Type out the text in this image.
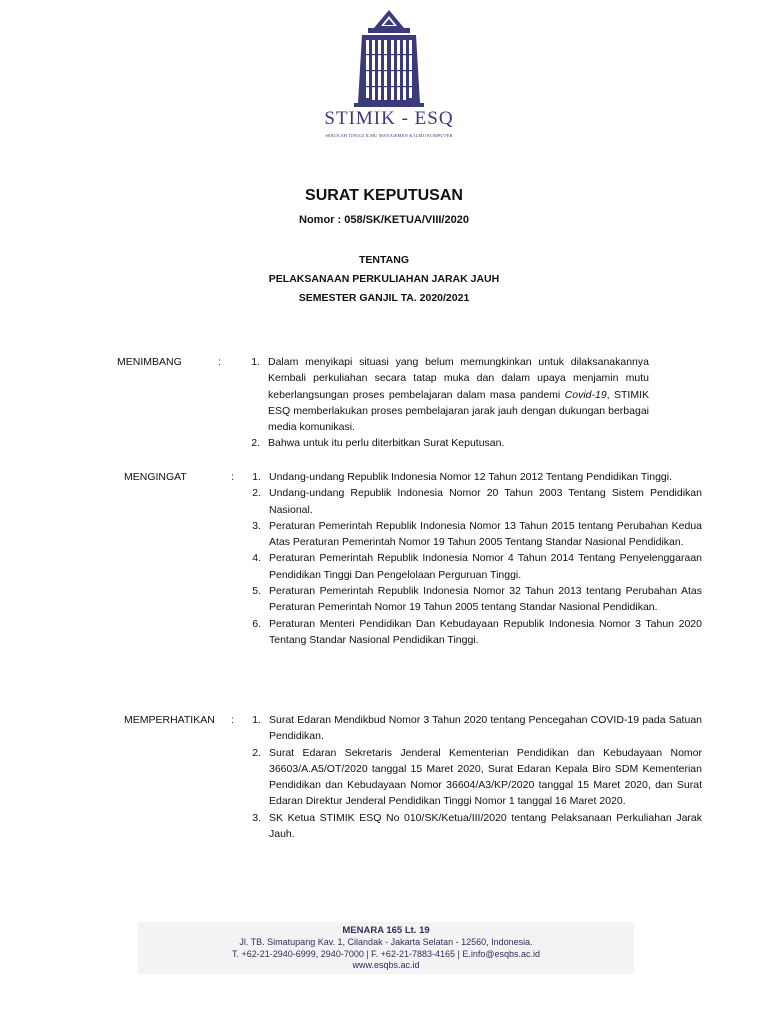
STIMIK - ESQ
SEKOLAH TINGGI ILMU MANAJEMEN & ILMU KOMPUTER
SURAT KEPUTUSAN
Nomor : 058/SK/KETUA/VIII/2020
TENTANG
PELAKSANAAN PERKULIAHAN JARAK JAUH
SEMESTER GANJIL TA. 2020/2021
MENIMBANG	:	1. Dalam menyikapi situasi yang belum memungkinkan untuk dilaksanakannya Kembali perkuliahan secara tatap muka dan dalam upaya menjamin mutu keberlangsungan proses pembelajaran dalam masa pandemi Covid-19, STIMIK ESQ memberlakukan proses pembelajaran jarak jauh dengan dukungan berbagai media komunikasi.
2. Bahwa untuk itu perlu diterbitkan Surat Keputusan.
MENGINGAT	:	1. Undang-undang Republik Indonesia Nomor 12 Tahun 2012 Tentang Pendidikan Tinggi.
2. Undang-undang Republik Indonesia Nomor 20 Tahun 2003 Tentang Sistem Pendidikan Nasional.
3. Peraturan Pemerintah Republik Indonesia Nomor 13 Tahun 2015 tentang Perubahan Kedua Atas Peraturan Pemerintah Nomor 19 Tahun 2005 Tentang Standar Nasional Pendidikan.
4. Peraturan Pemerintah Republik Indonesia Nomor 4 Tahun 2014 Tentang Penyelenggaraan Pendidikan Tinggi Dan Pengelolaan Perguruan Tinggi.
5. Peraturan Pemerintah Republik Indonesia Nomor 32 Tahun 2013 tentang Perubahan Atas Peraturan Pemerintah Nomor 19 Tahun 2005 tentang Standar Nasional Pendidikan.
6. Peraturan Menteri Pendidikan Dan Kebudayaan Republik Indonesia Nomor 3 Tahun 2020 Tentang Standar Nasional Pendidikan Tinggi.
MEMPERHATIKAN :	1. Surat Edaran Mendikbud Nomor 3 Tahun 2020 tentang Pencegahan COVID-19 pada Satuan Pendidikan.
2. Surat Edaran Sekretaris Jenderal Kementerian Pendidikan dan Kebudayaan Nomor 36603/A.A5/OT/2020 tanggal 15 Maret 2020, Surat Edaran Kepala Biro SDM Kementerian Pendidikan dan Kebudayaan Nomor 36604/A3/KP/2020 tanggal 15 Maret 2020, dan Surat Edaran Direktur Jenderal Pendidikan Tinggi Nomor 1 tanggal 16 Maret 2020.
3. SK Ketua STIMIK ESQ No 010/SK/Ketua/III/2020 tentang Pelaksanaan Perkuliahan Jarak Jauh.
MENARA 165 Lt. 19
Jl. TB. Simatupang Kav. 1, Cilandak - Jakarta Selatan - 12560, Indonesia.
T. +62-21-2940-6999, 2940-7000 | F. +62-21-7883-4165 | E.info@esqbs.ac.id
www.esqbs.ac.id
